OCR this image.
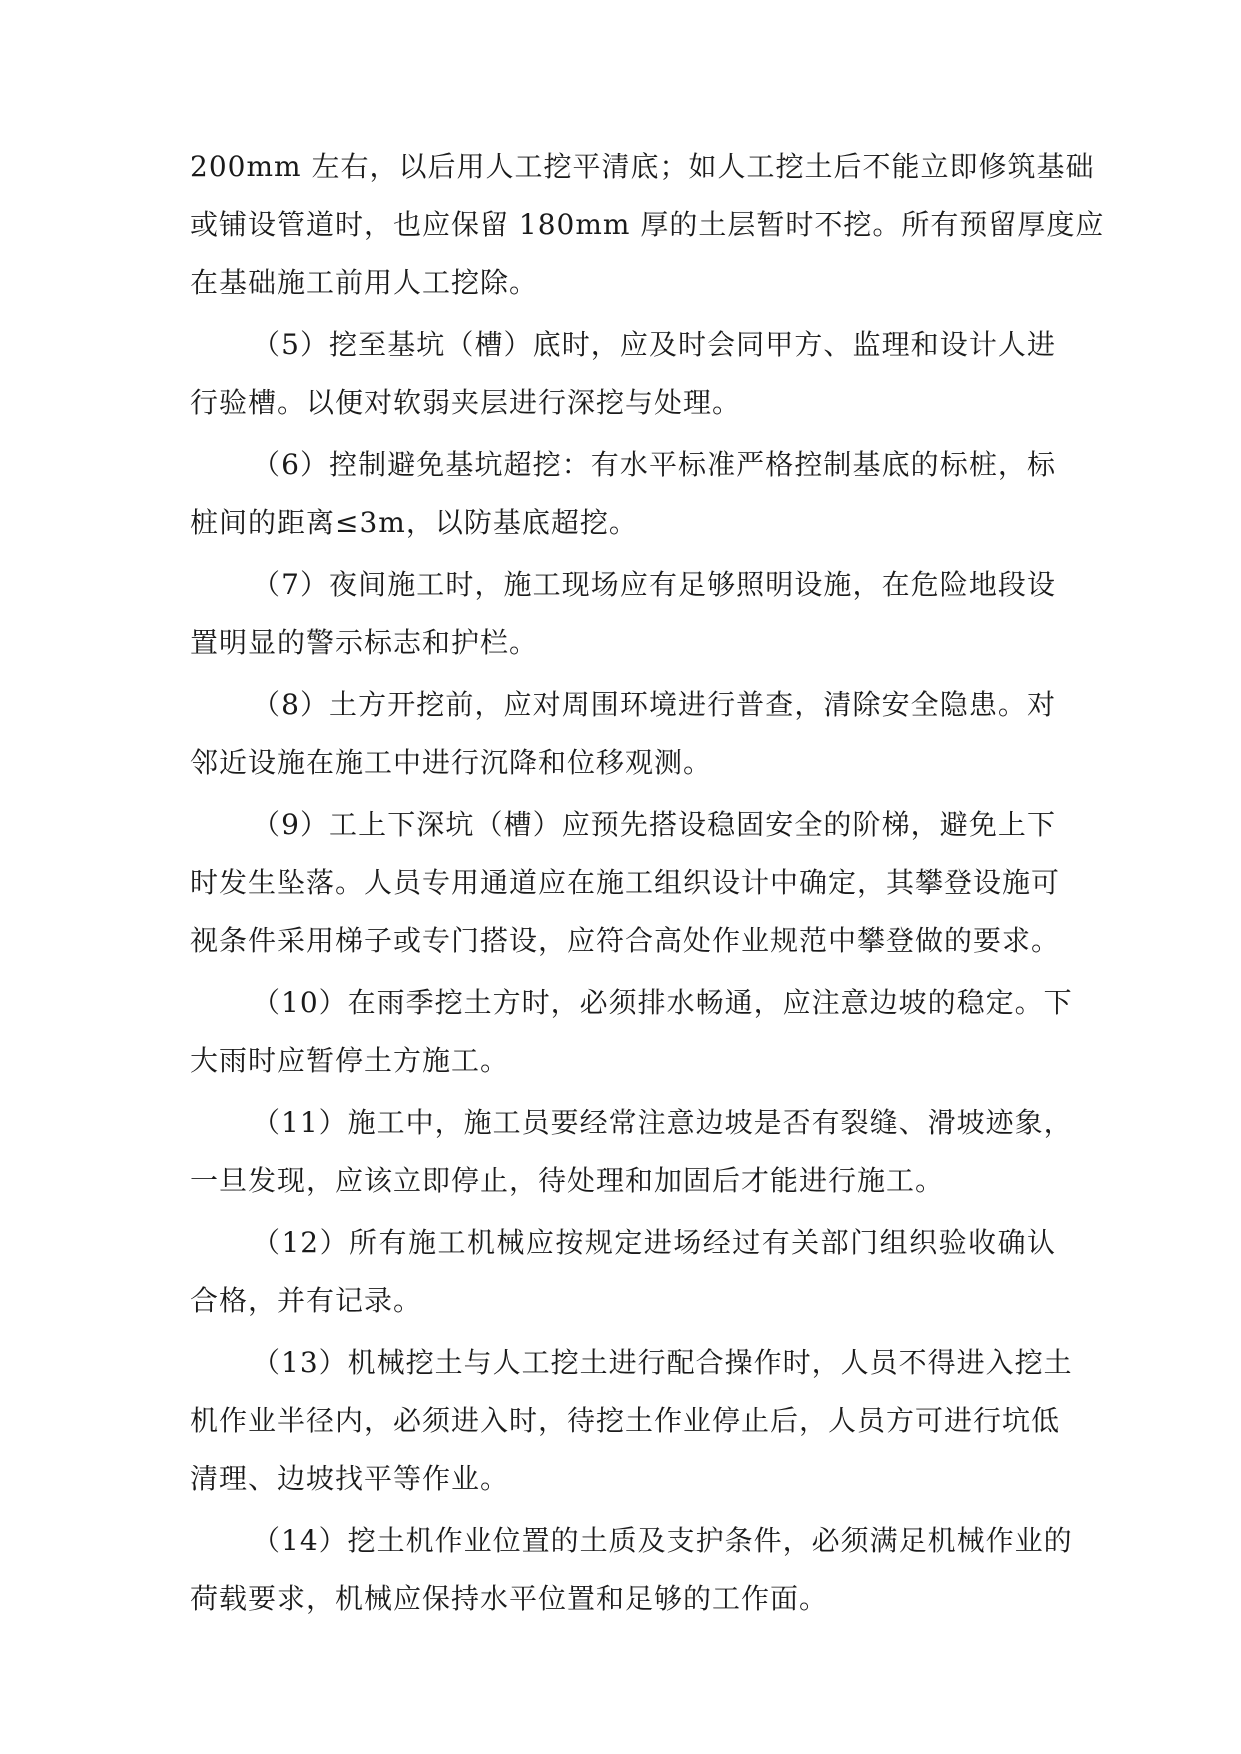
200mm 左右，以后用人工挖平清底；如人工挖土后不能立即修筑基础
或铺设管道时，也应保留 180mm 厚的土层暂时不挖。所有预留厚度应
在基础施工前用人工挖除。
（5）挖至基坑（槽）底时，应及时会同甲方、监理和设计人进
行验槽。以便对软弱夹层进行深挖与处理。
（6）控制避免基坑超挖：有水平标准严格控制基底的标桩，标
桩间的距离≤3m，以防基底超挖。
（7）夜间施工时，施工现场应有足够照明设施，在危险地段设
置明显的警示标志和护栏。
（8）土方开挖前，应对周围环境进行普查，清除安全隐患。对
邻近设施在施工中进行沉降和位移观测。
（9）工上下深坑（槽）应预先搭设稳固安全的阶梯，避免上下
时发生坠落。人员专用通道应在施工组织设计中确定，其攀登设施可
视条件采用梯子或专门搭设，应符合高处作业规范中攀登做的要求。
（10）在雨季挖土方时，必须排水畅通，应注意边坡的稳定。下
大雨时应暂停土方施工。
（11）施工中，施工员要经常注意边坡是否有裂缝、滑坡迹象，
一旦发现，应该立即停止，待处理和加固后才能进行施工。
（12）所有施工机械应按规定进场经过有关部门组织验收确认
合格，并有记录。
（13）机械挖土与人工挖土进行配合操作时，人员不得进入挖土
机作业半径内，必须进入时，待挖土作业停止后，人员方可进行坑低
清理、边坡找平等作业。
（14）挖土机作业位置的土质及支护条件，必须满足机械作业的
荷载要求，机械应保持水平位置和足够的工作面。
